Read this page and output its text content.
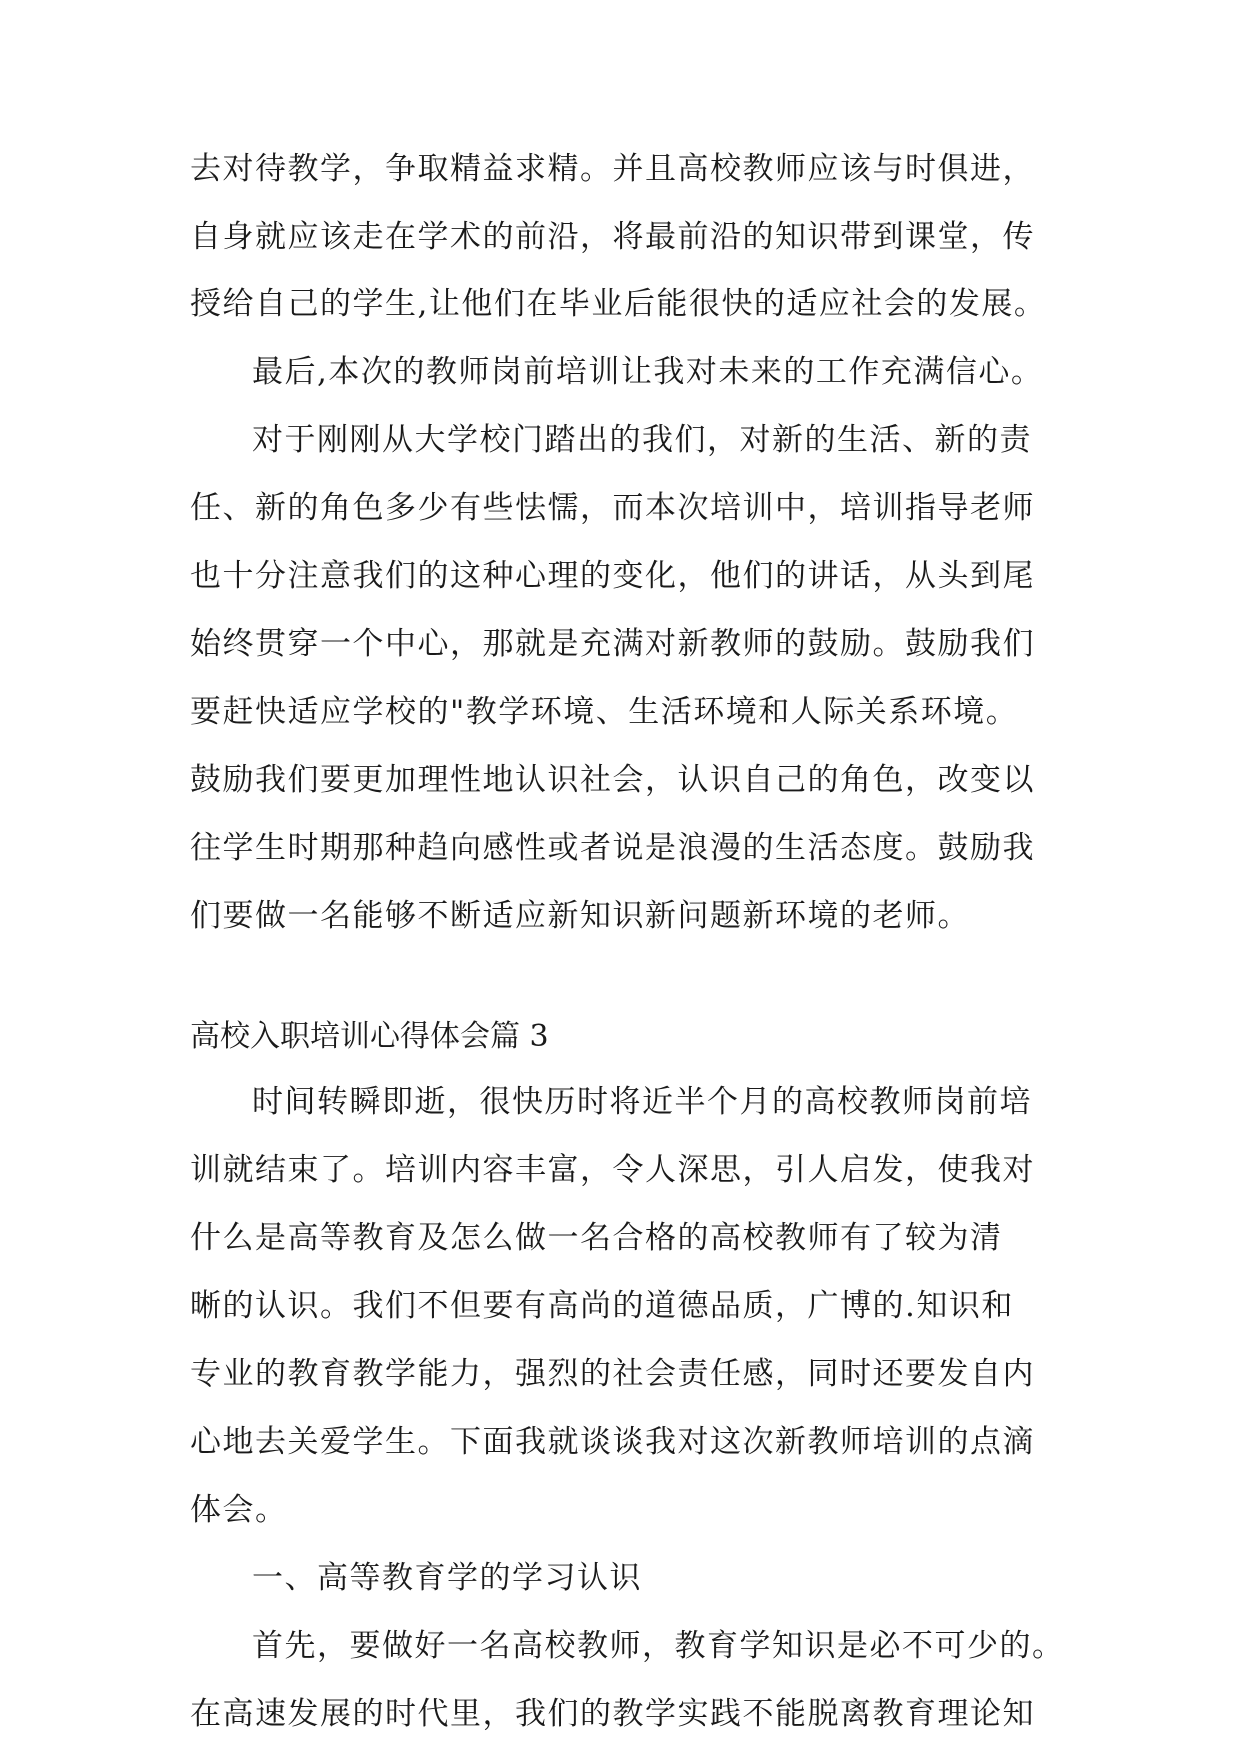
去对待教学，争取精益求精。并且高校教师应该与时俱进，
自身就应该走在学术的前沿，将最前沿的知识带到课堂，传
授给自己的学生,让他们在毕业后能很快的适应社会的发展。
最后,本次的教师岗前培训让我对未来的工作充满信心。
对于刚刚从大学校门踏出的我们，对新的生活、新的责
任、新的角色多少有些怯懦，而本次培训中，培训指导老师
也十分注意我们的这种心理的变化，他们的讲话，从头到尾
始终贯穿一个中心，那就是充满对新教师的鼓励。鼓励我们
要赶快适应学校的"教学环境、生活环境和人际关系环境。
鼓励我们要更加理性地认识社会，认识自己的角色，改变以
往学生时期那种趋向感性或者说是浪漫的生活态度。鼓励我
们要做一名能够不断适应新知识新问题新环境的老师。
高校入职培训心得体会篇 3
时间转瞬即逝，很快历时将近半个月的高校教师岗前培
训就结束了。培训内容丰富，令人深思，引人启发，使我对
什么是高等教育及怎么做一名合格的高校教师有了较为清
晰的认识。我们不但要有高尚的道德品质，广博的.知识和
专业的教育教学能力，强烈的社会责任感，同时还要发自内
心地去关爱学生。下面我就谈谈我对这次新教师培训的点滴
体会。
一、高等教育学的学习认识
首先，要做好一名高校教师，教育学知识是必不可少的。
在高速发展的时代里，我们的教学实践不能脱离教育理论知
